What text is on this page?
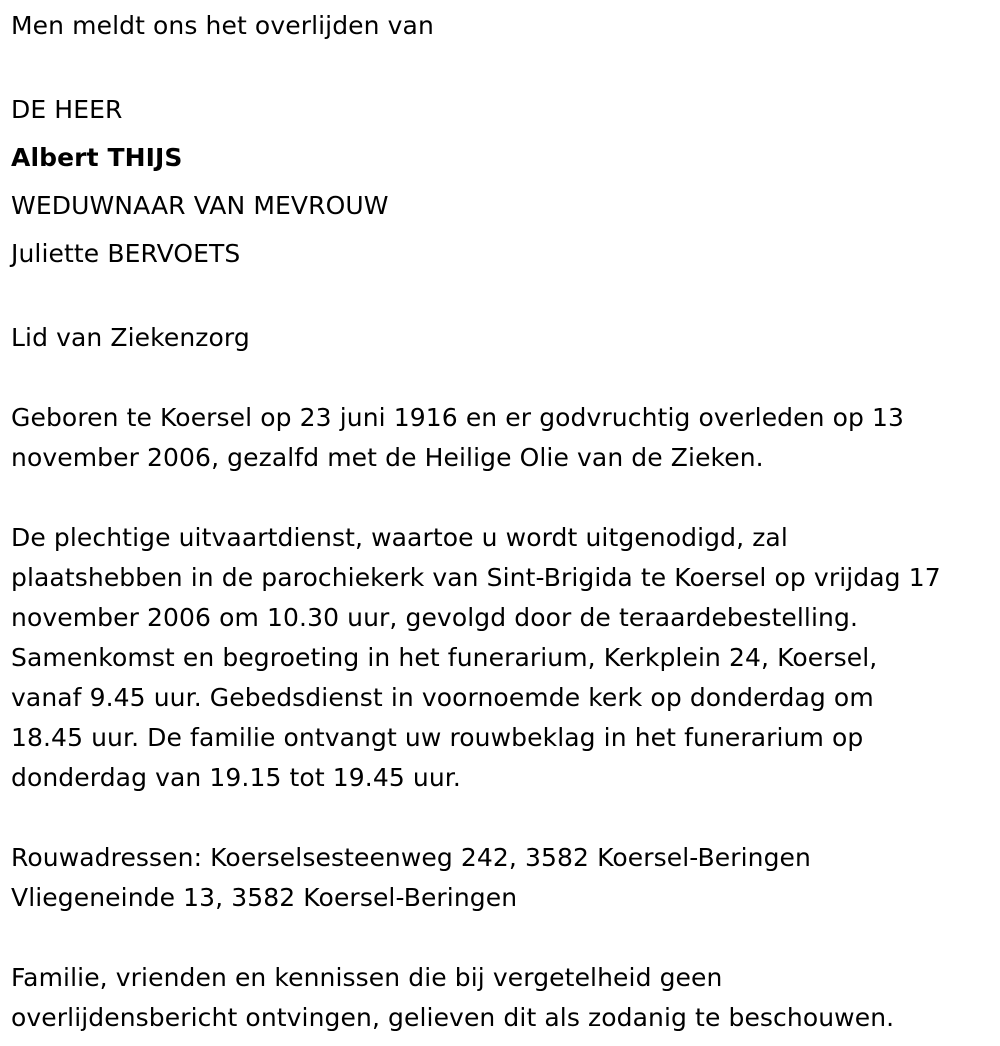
Men meldt ons het overlijden van
DE HEER
Albert THIJS
WEDUWNAAR VAN MEVROUW
Juliette BERVOETS
Lid van Ziekenzorg
Geboren te Koersel op 23 juni 1916 en er godvruchtig overleden op 13
november 2006, gezalfd met de Heilige Olie van de Zieken.
De plechtige uitvaartdienst, waartoe u wordt uitgenodigd, zal
plaatshebben in de parochiekerk van Sint-Brigida te Koersel op vrijdag 17
november 2006 om 10.30 uur, gevolgd door de teraardebestelling.
Samenkomst en begroeting in het funerarium, Kerkplein 24, Koersel,
vanaf 9.45 uur. Gebedsdienst in voornoemde kerk op donderdag om
18.45 uur. De familie ontvangt uw rouwbeklag in het funerarium op
donderdag van 19.15 tot 19.45 uur.
Rouwadressen: Koerselsesteenweg 242, 3582 Koersel-Beringen
Vliegeneinde 13, 3582 Koersel-Beringen
Familie, vrienden en kennissen die bij vergetelheid geen
overlijdensbericht ontvingen, gelieven dit als zodanig te beschouwen.
